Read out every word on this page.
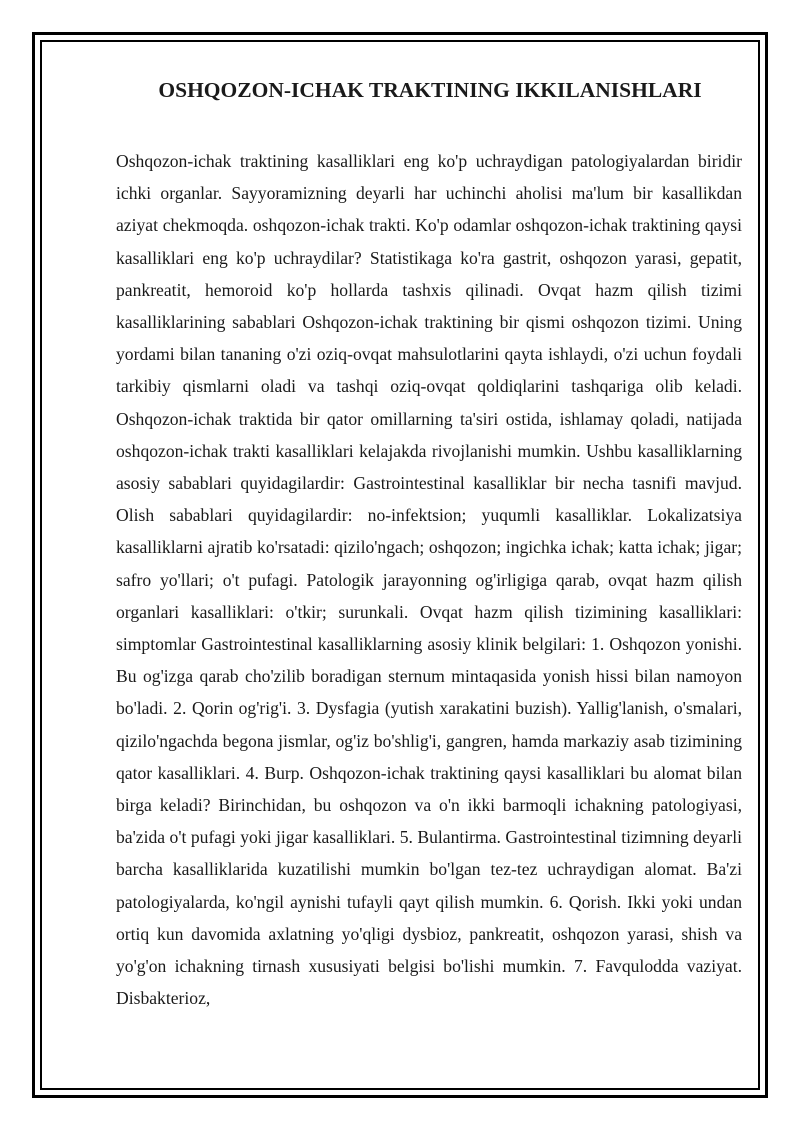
OSHQOZON-ICHAK TRAKTINING IKKILANISHLARI

Oshqozon-ichak traktining kasalliklari eng ko'p uchraydigan patologiyalardan biridir ichki organlar. Sayyoramizning deyarli har uchinchi aholisi ma'lum bir kasallikdan aziyat chekmoqda. oshqozon-ichak trakti. Ko'p odamlar oshqozon-ichak traktining qaysi kasalliklari eng ko'p uchraydilar? Statistikaga ko'ra gastrit, oshqozon yarasi, gepatit, pankreatit, hemoroid ko'p hollarda tashxis qilinadi. Ovqat hazm qilish tizimi kasalliklarining sabablari Oshqozon-ichak traktining bir qismi oshqozon tizimi. Uning yordami bilan tananing o'zi oziq-ovqat mahsulotlarini qayta ishlaydi, o'zi uchun foydali tarkibiy qismlarni oladi va tashqi oziq-ovqat qoldiqlarini tashqariga olib keladi. Oshqozon-ichak traktida bir qator omillarning ta'siri ostida, ishlamay qoladi, natijada oshqozon-ichak trakti kasalliklari kelajakda rivojlanishi mumkin. Ushbu kasalliklarning asosiy sabablari quyidagilardir: Gastrointestinal kasalliklar bir necha tasnifi mavjud. Olish sabablari quyidagilardir: no-infektsion; yuqumli kasalliklar. Lokalizatsiya kasalliklarni ajratib ko'rsatadi: qizilo'ngach; oshqozon; ingichka ichak; katta ichak; jigar; safro yo'llari; o't pufagi. Patologik jarayonning og'irligiga qarab, ovqat hazm qilish organlari kasalliklari: o'tkir; surunkali. Ovqat hazm qilish tizimining kasalliklari: simptomlar Gastrointestinal kasalliklarning asosiy klinik belgilari: 1. Oshqozon yonishi. Bu og'izga qarab cho'zilib boradigan sternum mintaqasida yonish hissi bilan namoyon bo'ladi. 2. Qorin og'rig'i. 3. Dysfagia (yutish xarakatini buzish). Yallig'lanish, o'smalari, qizilo'ngachda begona jismlar, og'iz bo'shlig'i, gangren, hamda markaziy asab tizimining qator kasalliklari. 4. Burp. Oshqozon-ichak traktining qaysi kasalliklari bu alomat bilan birga keladi? Birinchidan, bu oshqozon va o'n ikki barmoqli ichakning patologiyasi, ba'zida o't pufagi yoki jigar kasalliklari. 5. Bulantirma. Gastrointestinal tizimning deyarli barcha kasalliklarida kuzatilishi mumkin bo'lgan tez-tez uchraydigan alomat. Ba'zi patologiyalarda, ko'ngil aynishi tufayli qayt qilish mumkin. 6. Qorish. Ikki yoki undan ortiq kun davomida axlatning yo'qligi dysbioz, pankreatit, oshqozon yarasi, shish va yo'g'on ichakning tirnash xususiyati belgisi bo'lishi mumkin. 7. Favqulodda vaziyat. Disbakterioz,
